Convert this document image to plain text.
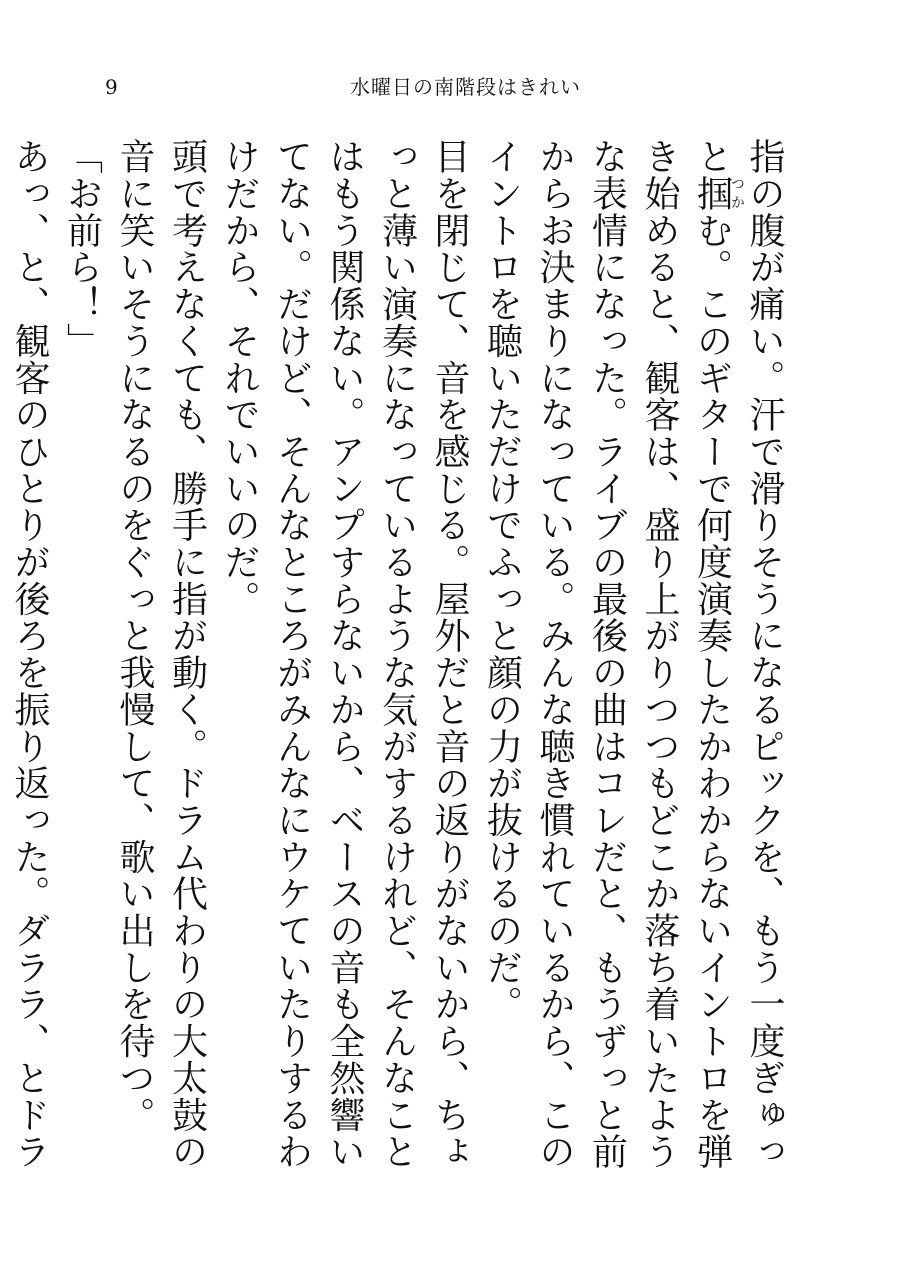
9	水曜日の南階段はきれい

指の腹が痛い。汗で滑りそうになるピックを、もう一度ぎゅっと掴つかむ。このギターで何度演奏したかわからないイントロを弾き始めると、観客は、盛り上がりつつもどこか落ち着いたような表情になった。ライブの最後の曲はコレだと、もうずっと前からお決まりになっている。みんな聴き慣れているから、このイントロを聴いただけでふっと顔の力が抜けるのだ。

目を閉じて、音を感じる。屋外だと音の返りがないから、ちょっと薄い演奏になっているような気がするけれど、そんなことはもう関係ない。アンプすらないから、ベースの音も全然響いてない。だけど、そんなところがみんなにウケていたりするわけだから、それでいいのだ。

頭で考えなくても、勝手に指が動く。ドラム代わりの大太鼓の音に笑いそうになるのをぐっと我慢して、歌い出しを待つ。

「お前ら！」

あっ、と、観客のひとりが後ろを振り返った。ダララ、とドラ
